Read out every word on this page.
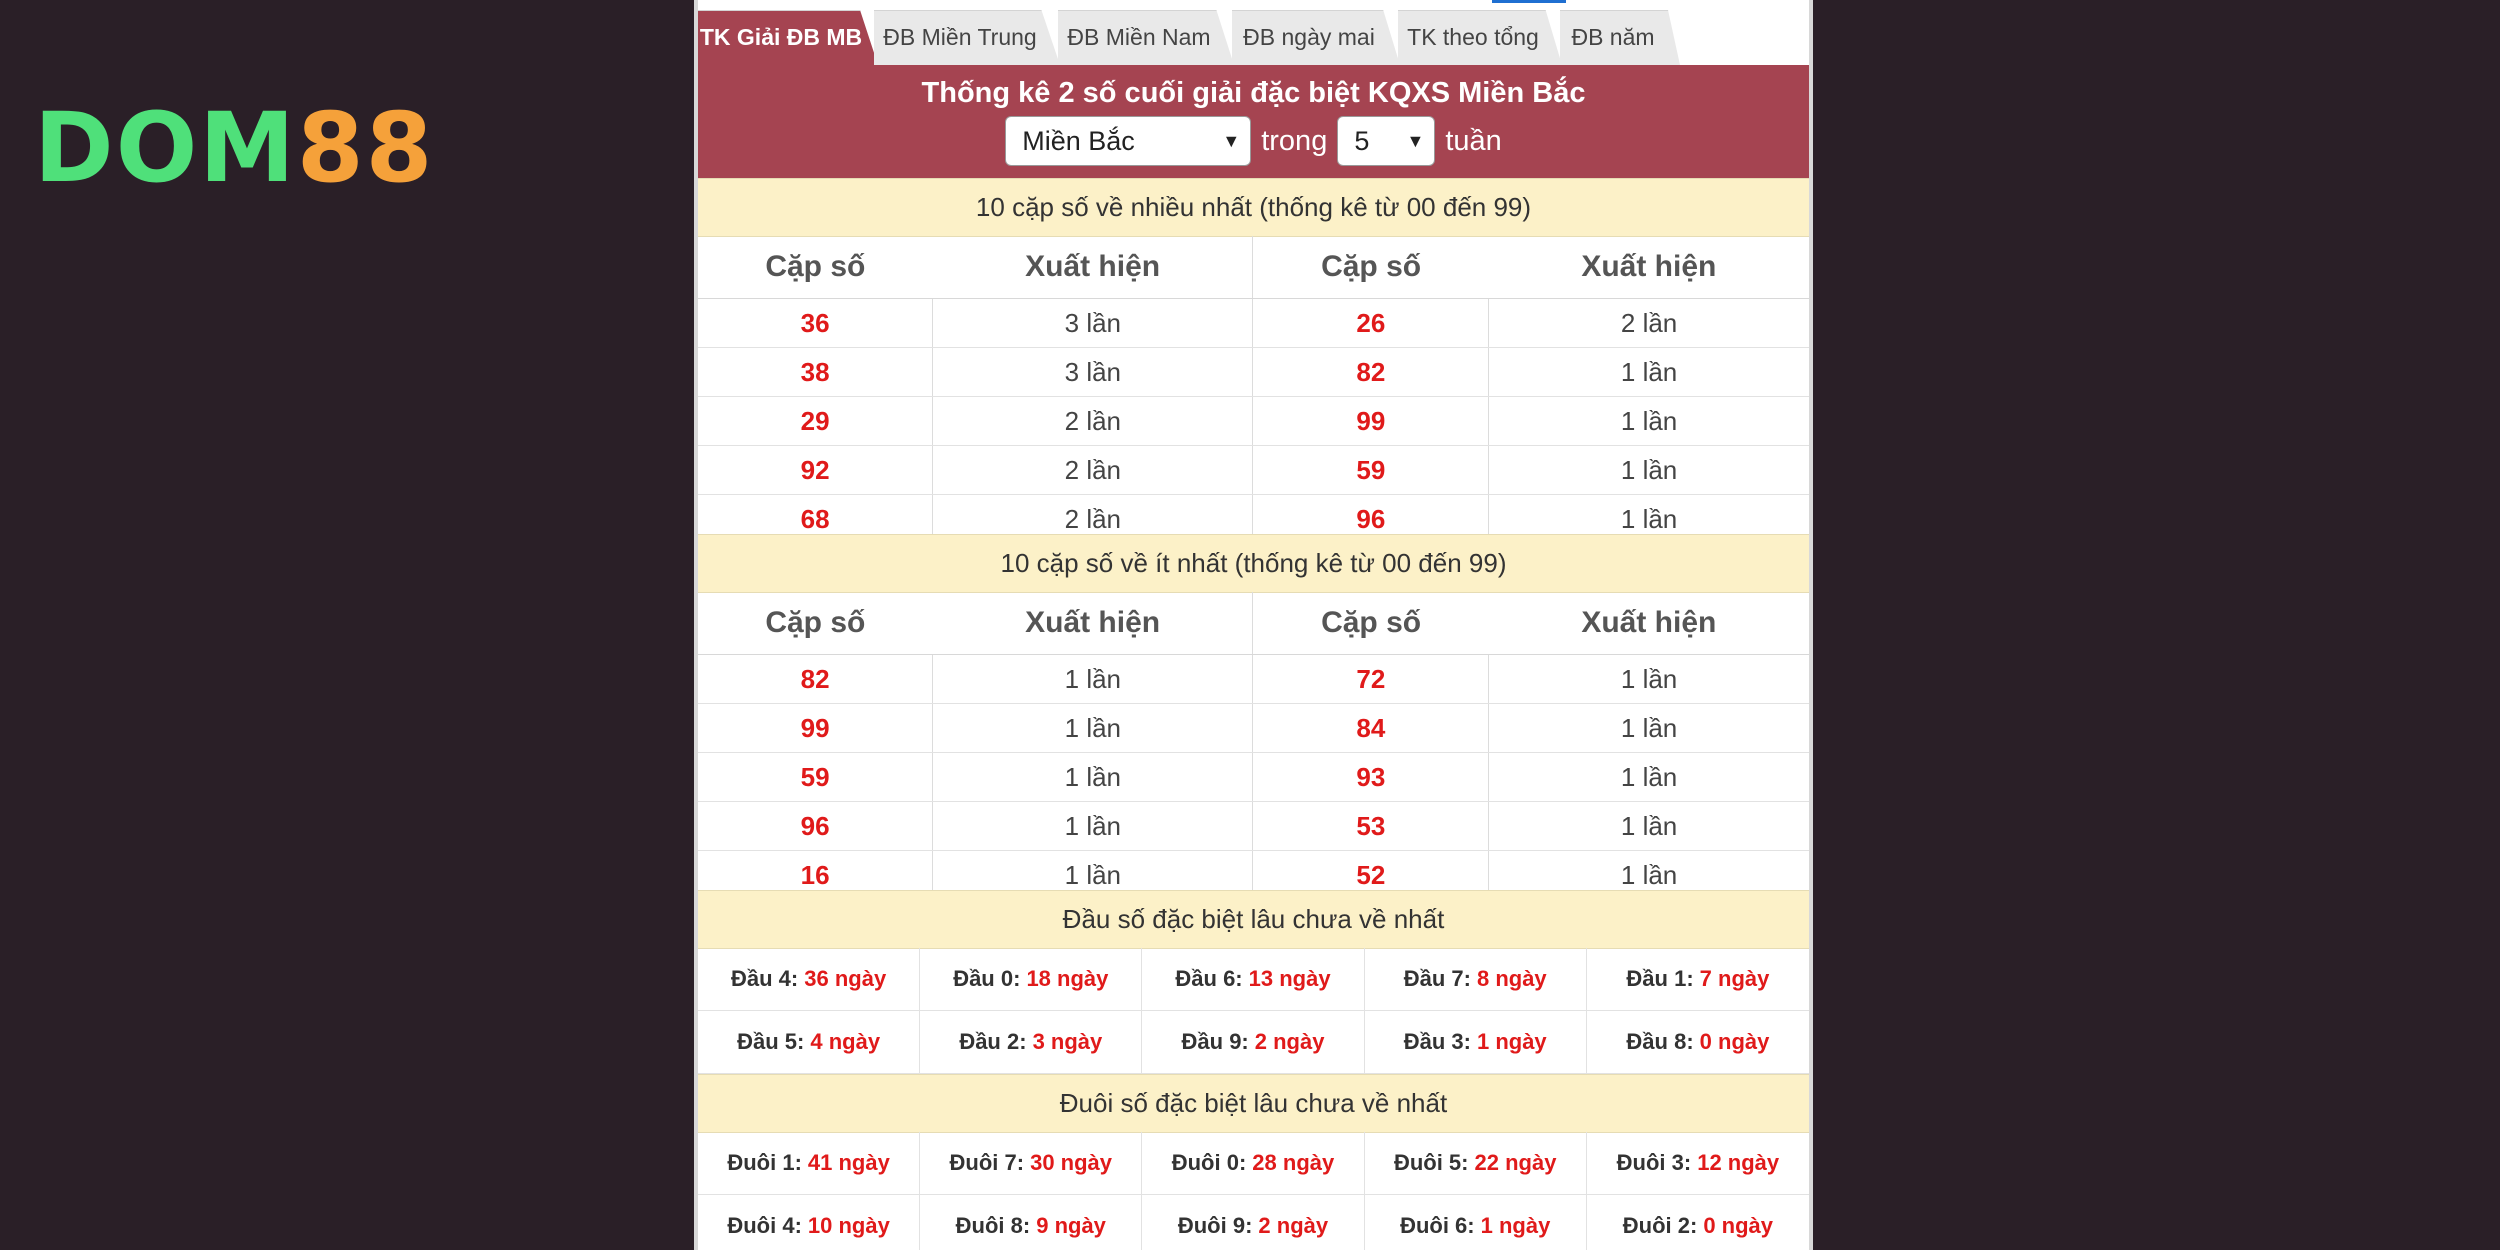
DOM 88
TK Giải ĐB MB ĐB Miền Trung	ĐB Miền Nam	ĐB ngày mai	TK theo tổng	ĐB năm
Thống kê 2 số cuối giải đặc biệt KQXS Miền Bắc
Miền Bắc	▼ trong 5 ▼ tuần
10 cặp số về nhiều nhất (thống kê từ 00 đến 99)
Cặp số	Xuất hiện	Cặp số	Xuất hiện
36	3 lần	26	2 lần
38	3 lần	82	1 lần
29	2 lần	99	1 lần
92	2 lần	59	1 lần
68	2 lần	96	1 lần
10 cặp số về ít nhất (thống kê từ 00 đến 99)
Cặp số	Xuất hiện	Cặp số	Xuất hiện
82	1 lần	72	1 lần
99	1 lần	84	1 lần
59	1 lần	93	1 lần
96	1 lần	53	1 lần
16	1 lần	52	1 lần
Đầu số đặc biệt lâu chưa về nhất
Đầu 4: 36 ngày	Đầu 0: 18 ngày	Đầu 6: 13 ngày	Đầu 7: 8 ngày	Đầu 1: 7 ngày
Đầu 5: 4 ngày	Đầu 2: 3 ngày	Đầu 9: 2 ngày	Đầu 3: 1 ngày	Đầu 8: 0 ngày
Đuôi số đặc biệt lâu chưa về nhất
Đuôi 1: 41 ngày	Đuôi 7: 30 ngày	Đuôi 0: 28 ngày	Đuôi 5: 22 ngày	Đuôi 3: 12 ngày
Đuôi 4: 10 ngày	Đuôi 8: 9 ngày	Đuôi 9: 2 ngày	Đuôi 6: 1 ngày	Đuôi 2: 0 ngày
